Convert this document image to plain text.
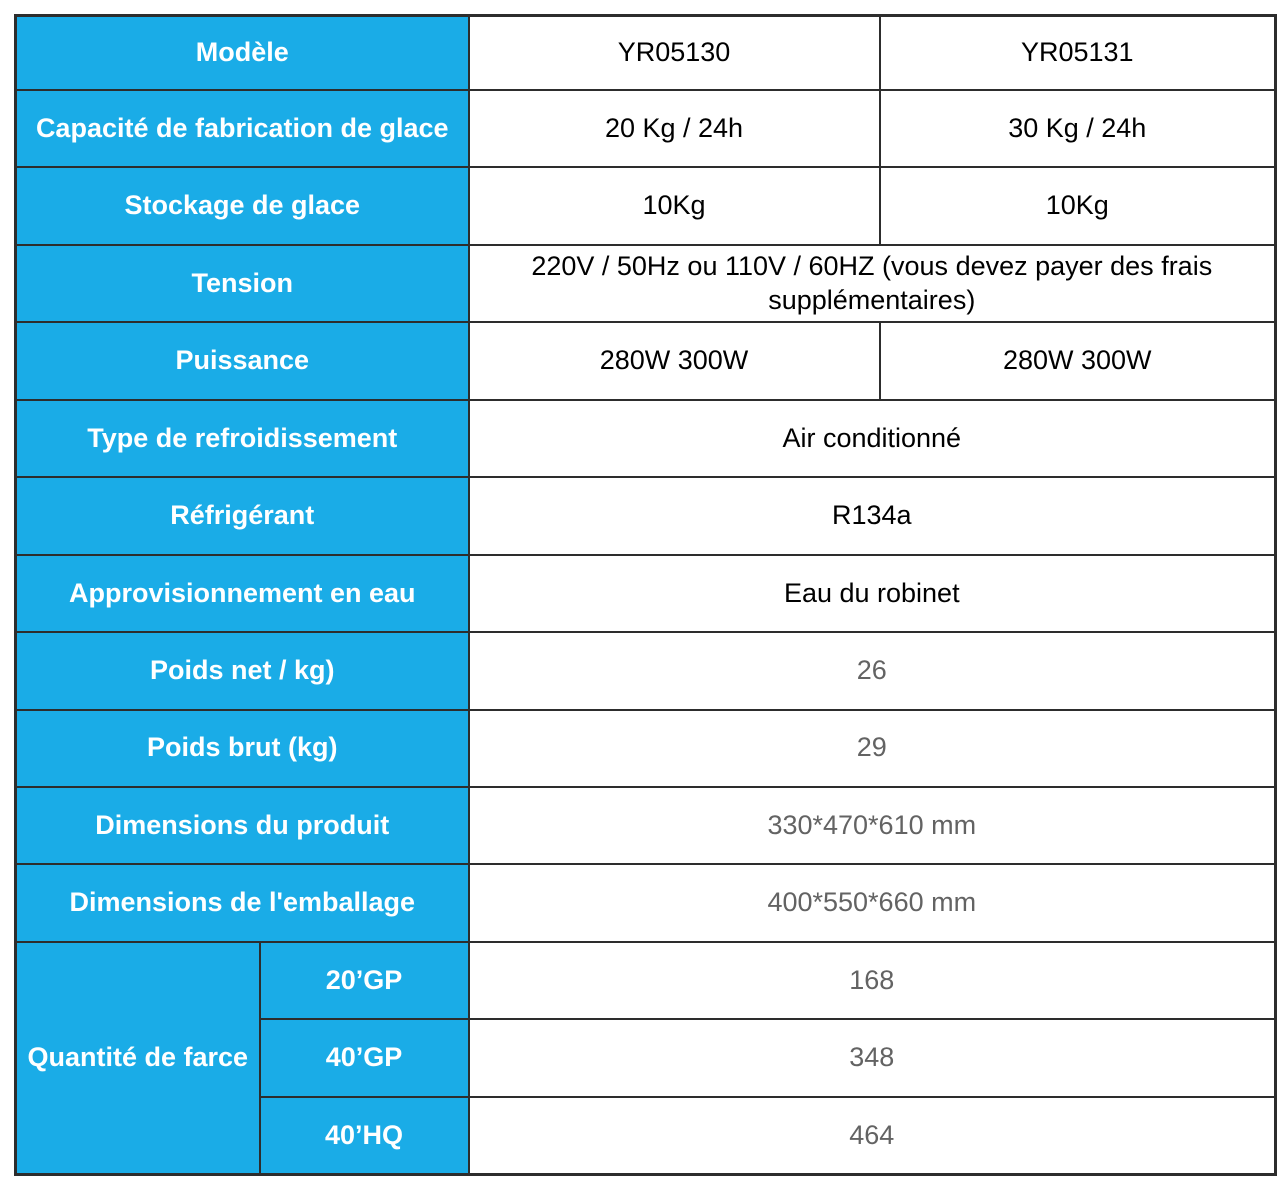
Modèle		YR05130	YR05131
Capacité de fabrication de glace		20 Kg / 24h	30 Kg / 24h
Stockage de glace		10Kg	10Kg
Tension		220V / 50Hz ou 110V / 60HZ (vous devez payer des frais supplémentaires)	
Puissance		280W 300W	280W 300W
Type de refroidissement		Air conditionné	
Réfrigérant		R134a	
Approvisionnement en eau		Eau du robinet	
Poids net / kg)		26	
Poids brut (kg)		29	
Dimensions du produit		330*470*610 mm	
Dimensions de l'emballage		400*550*660 mm	
Quantité de farce	20’GP	168	
	40’GP	348	
	40’HQ	464	
